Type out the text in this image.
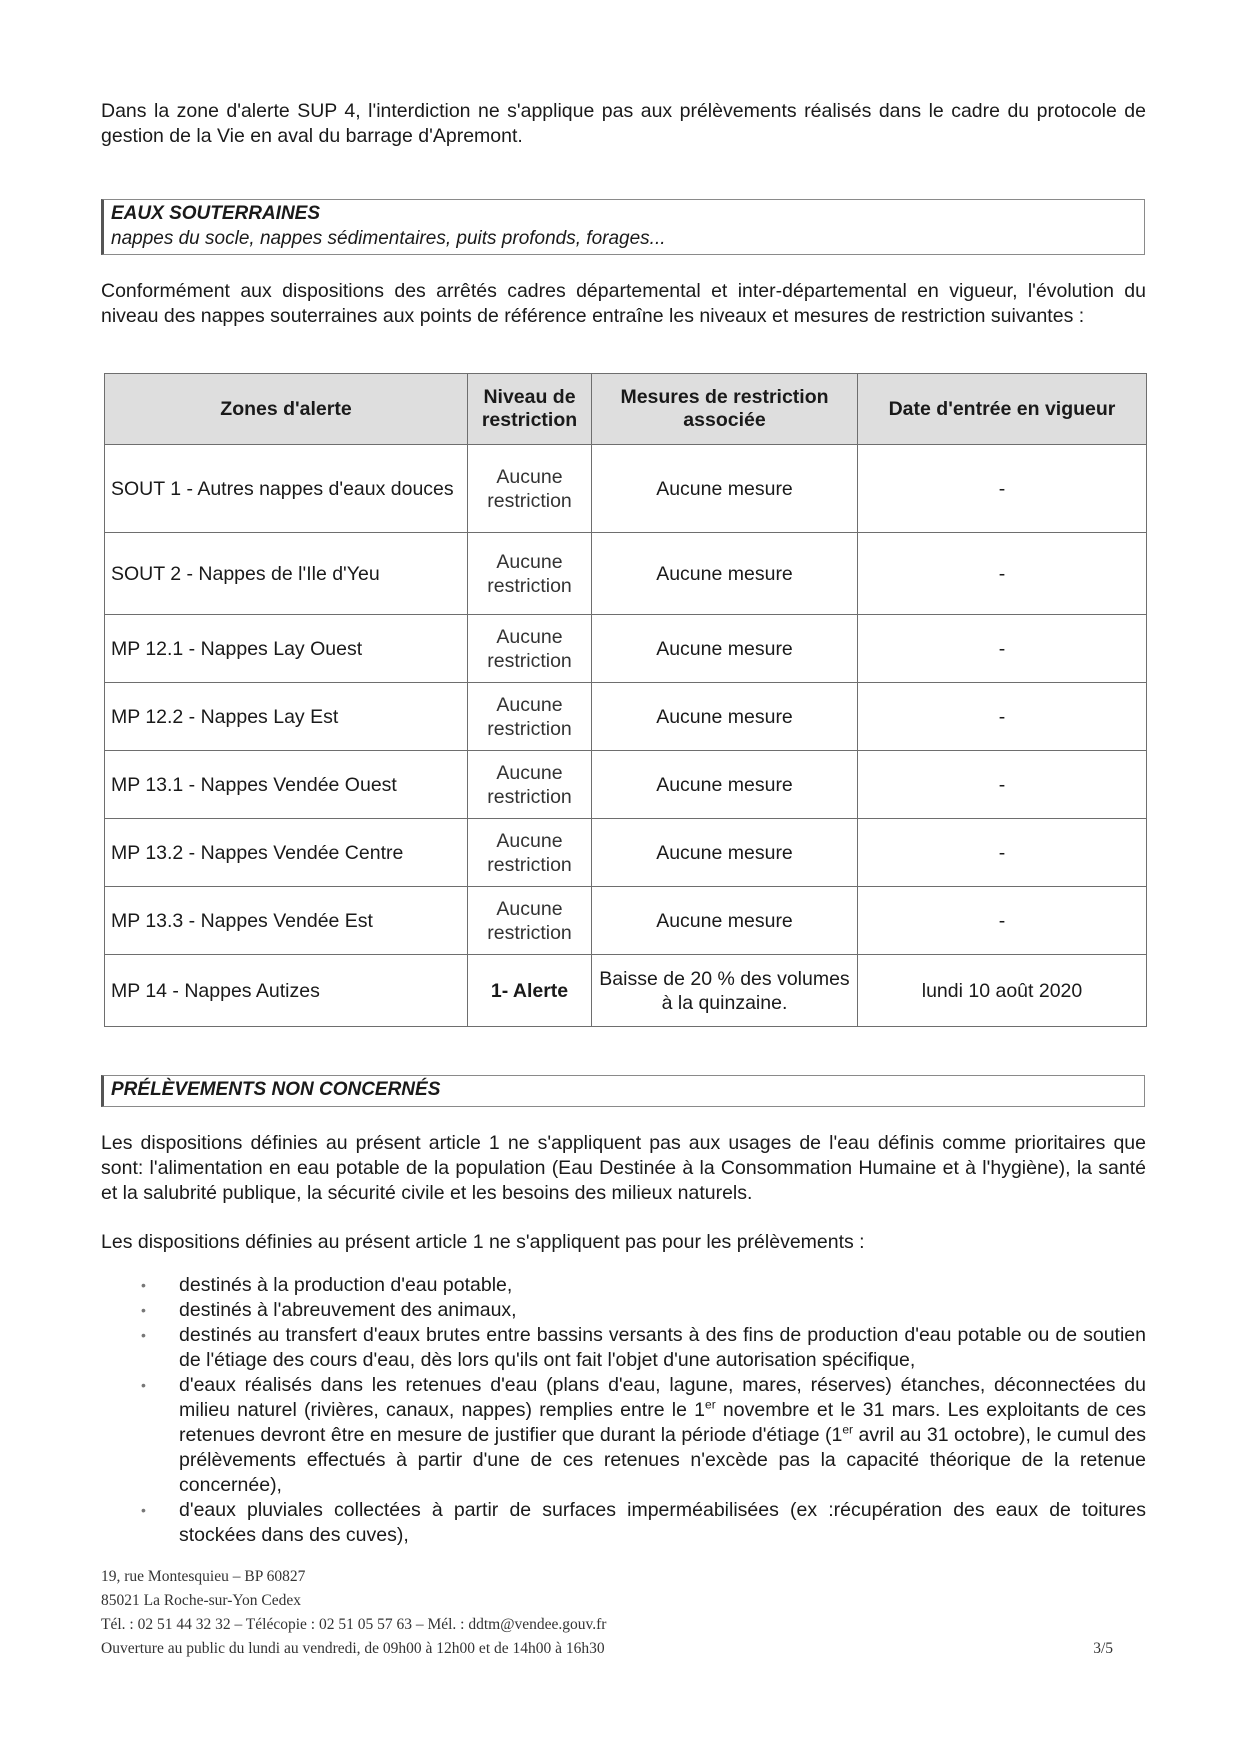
Dans la zone d'alerte SUP 4, l'interdiction ne s'applique pas aux prélèvements réalisés dans le cadre du protocole de gestion de la Vie en aval du barrage d'Apremont.

EAUX SOUTERRAINES
nappes du socle, nappes sédimentaires, puits profonds, forages...

Conformément aux dispositions des arrêtés cadres départemental et inter-départemental en vigueur, l'évolution du niveau des nappes souterraines aux points de référence entraîne les niveaux et mesures de restriction suivantes :

Zones d'alerte	Niveau de restriction	Mesures de restriction associée	Date d'entrée en vigueur
SOUT 1 - Autres nappes d'eaux douces	Aucune restriction	Aucune mesure	-
SOUT 2 - Nappes de l'Ile d'Yeu	Aucune restriction	Aucune mesure	-
MP 12.1 - Nappes Lay Ouest	Aucune restriction	Aucune mesure	-
MP 12.2 - Nappes Lay Est	Aucune restriction	Aucune mesure	-
MP 13.1 - Nappes Vendée Ouest	Aucune restriction	Aucune mesure	-
MP 13.2 - Nappes Vendée Centre	Aucune restriction	Aucune mesure	-
MP 13.3 - Nappes Vendée Est	Aucune restriction	Aucune mesure	-
MP 14 - Nappes Autizes	1- Alerte	Baisse de 20 % des volumes à la quinzaine.	lundi 10 août 2020
PRÉLÈVEMENTS NON CONCERNÉS

Les dispositions définies au présent article 1 ne s'appliquent pas aux usages de l'eau définis comme prioritaires que sont: l'alimentation en eau potable de la population (Eau Destinée à la Consommation Humaine et à l'hygiène), la santé et la salubrité publique, la sécurité civile et les besoins des milieux naturels.

Les dispositions définies au présent article 1 ne s'appliquent pas pour les prélèvements :

• destinés à la production d'eau potable,
• destinés à l'abreuvement des animaux,
• destinés au transfert d'eaux brutes entre bassins versants à des fins de production d'eau potable ou de soutien de l'étiage des cours d'eau, dès lors qu'ils ont fait l'objet d'une autorisation spécifique,
• d'eaux réalisés dans les retenues d'eau (plans d'eau, lagune, mares, réserves) étanches, déconnectées du milieu naturel (rivières, canaux, nappes) remplies entre le 1er novembre et le 31 mars. Les exploitants de ces retenues devront être en mesure de justifier que durant la période d'étiage (1er avril au 31 octobre), le cumul des prélèvements effectués à partir d'une de ces retenues n'excède pas la capacité théorique de la retenue concernée),
• d'eaux pluviales collectées à partir de surfaces imperméabilisées (ex :récupération des eaux de toitures stockées dans des cuves),
19, rue Montesquieu – BP 60827
85021 La Roche-sur-Yon Cedex
Tél. : 02 51 44 32 32 – Télécopie : 02 51 05 57 63 – Mél. : ddtm@vendee.gouv.fr
Ouverture au public du lundi au vendredi, de 09h00 à 12h00 et de 14h00 à 16h30	3/5
